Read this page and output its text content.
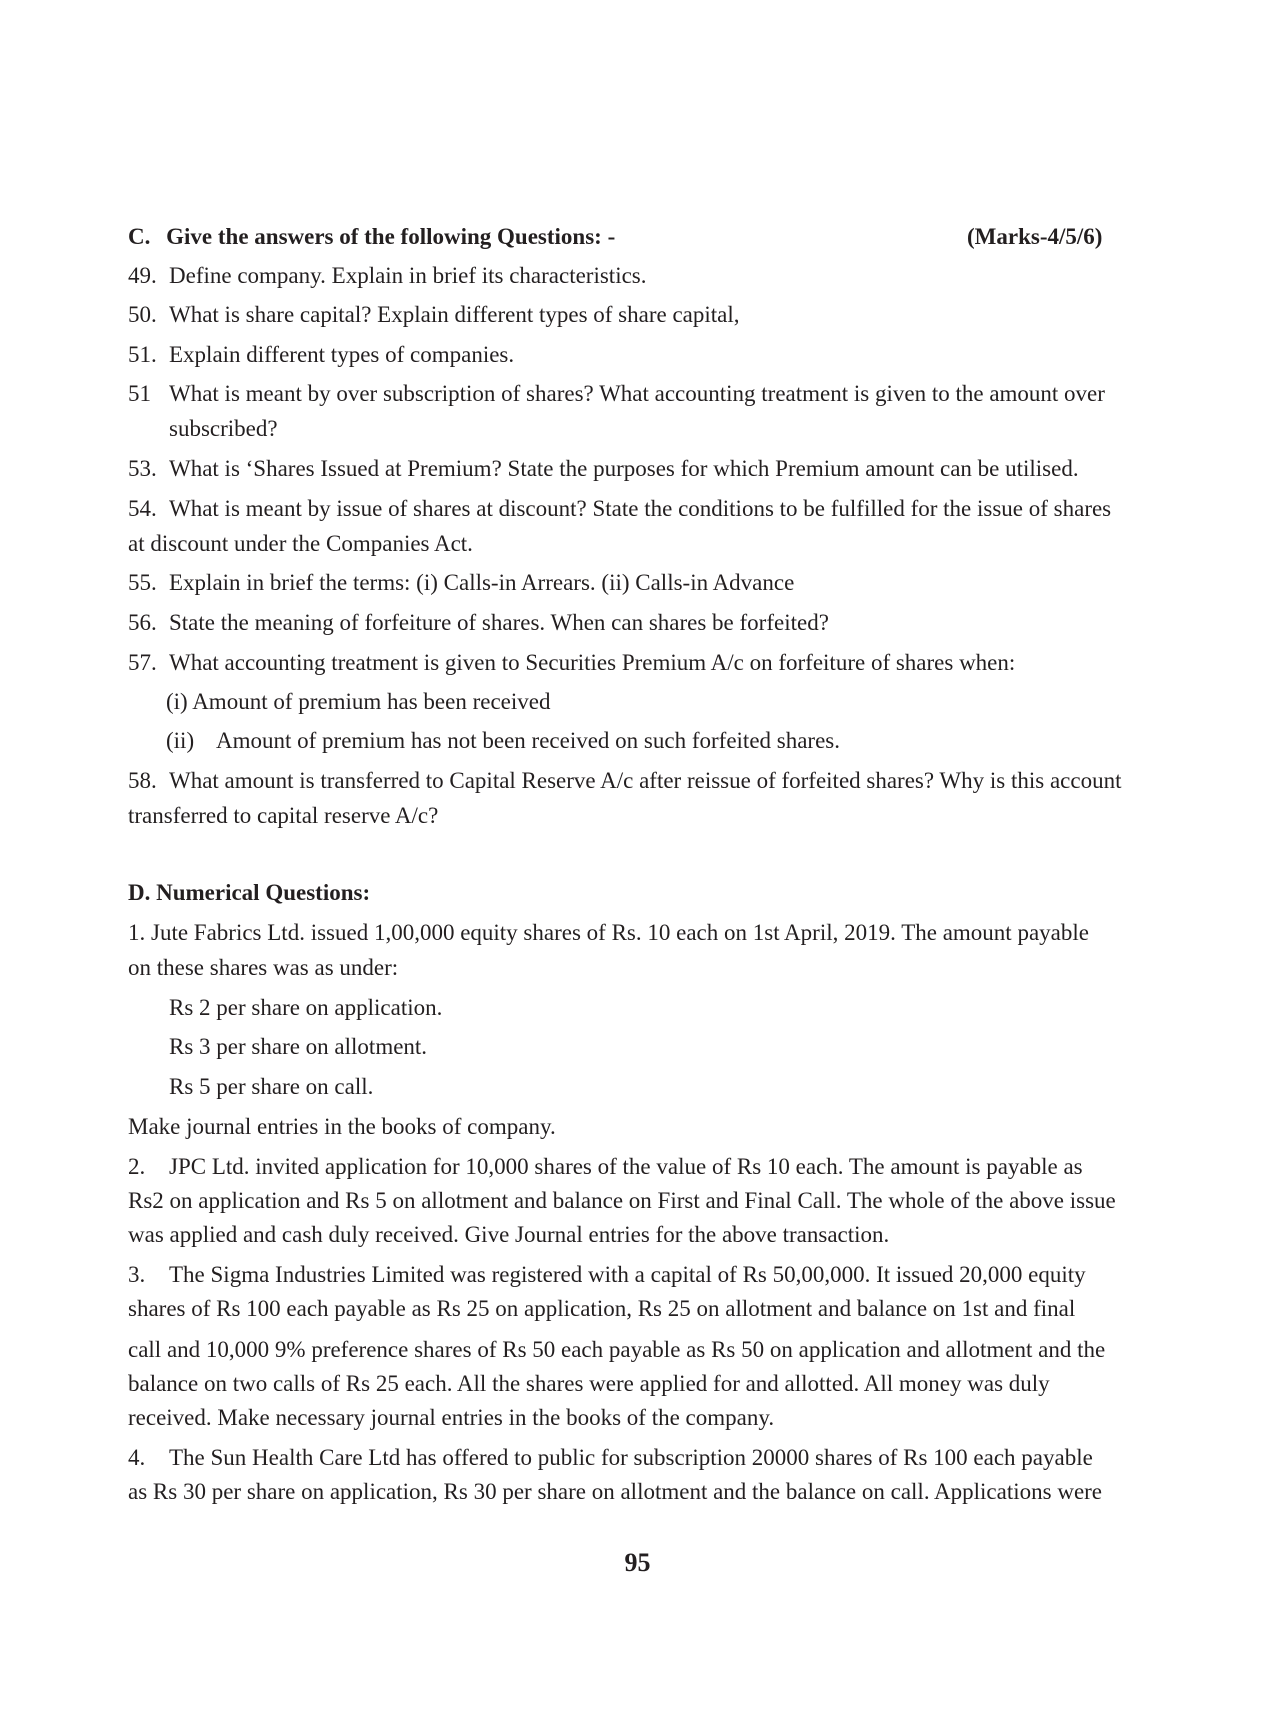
C. Give the answers of the following Questions: -	(Marks-4/5/6)
49. Define company. Explain in brief its characteristics.
50. What is share capital? Explain different types of share capital,
51. Explain different types of companies.
51 What is meant by over subscription of shares? What accounting treatment is given to the amount over
subscribed?
53. What is ‘Shares Issued at Premium? State the purposes for which Premium amount can be utilised.
54. What is meant by issue of shares at discount? State the conditions to be fulfilled for the issue of shares
at discount under the Companies Act.
55. Explain in brief the terms: (i) Calls-in Arrears. (ii) Calls-in Advance
56. State the meaning of forfeiture of shares. When can shares be forfeited?
57. What accounting treatment is given to Securities Premium A/c on forfeiture of shares when:
(i) Amount of premium has been received
(ii) Amount of premium has not been received on such forfeited shares.
58. What amount is transferred to Capital Reserve A/c after reissue of forfeited shares? Why is this account
transferred to capital reserve A/c?
D. Numerical Questions:
1. Jute Fabrics Ltd. issued 1,00,000 equity shares of Rs. 10 each on 1st April, 2019. The amount payable
on these shares was as under:
Rs 2 per share on application.
Rs 3 per share on allotment.
Rs 5 per share on call.
Make journal entries in the books of company.
2. JPC Ltd. invited application for 10,000 shares of the value of Rs 10 each. The amount is payable as
Rs2 on application and Rs 5 on allotment and balance on First and Final Call. The whole of the above issue
was applied and cash duly received. Give Journal entries for the above transaction.
3. The Sigma Industries Limited was registered with a capital of Rs 50,00,000. It issued 20,000 equity
shares of Rs 100 each payable as Rs 25 on application, Rs 25 on allotment and balance on 1st and final
call and 10,000 9% preference shares of Rs 50 each payable as Rs 50 on application and allotment and the
balance on two calls of Rs 25 each. All the shares were applied for and allotted. All money was duly
received. Make necessary journal entries in the books of the company.
4. The Sun Health Care Ltd has offered to public for subscription 20000 shares of Rs 100 each payable
as Rs 30 per share on application, Rs 30 per share on allotment and the balance on call. Applications were
95
